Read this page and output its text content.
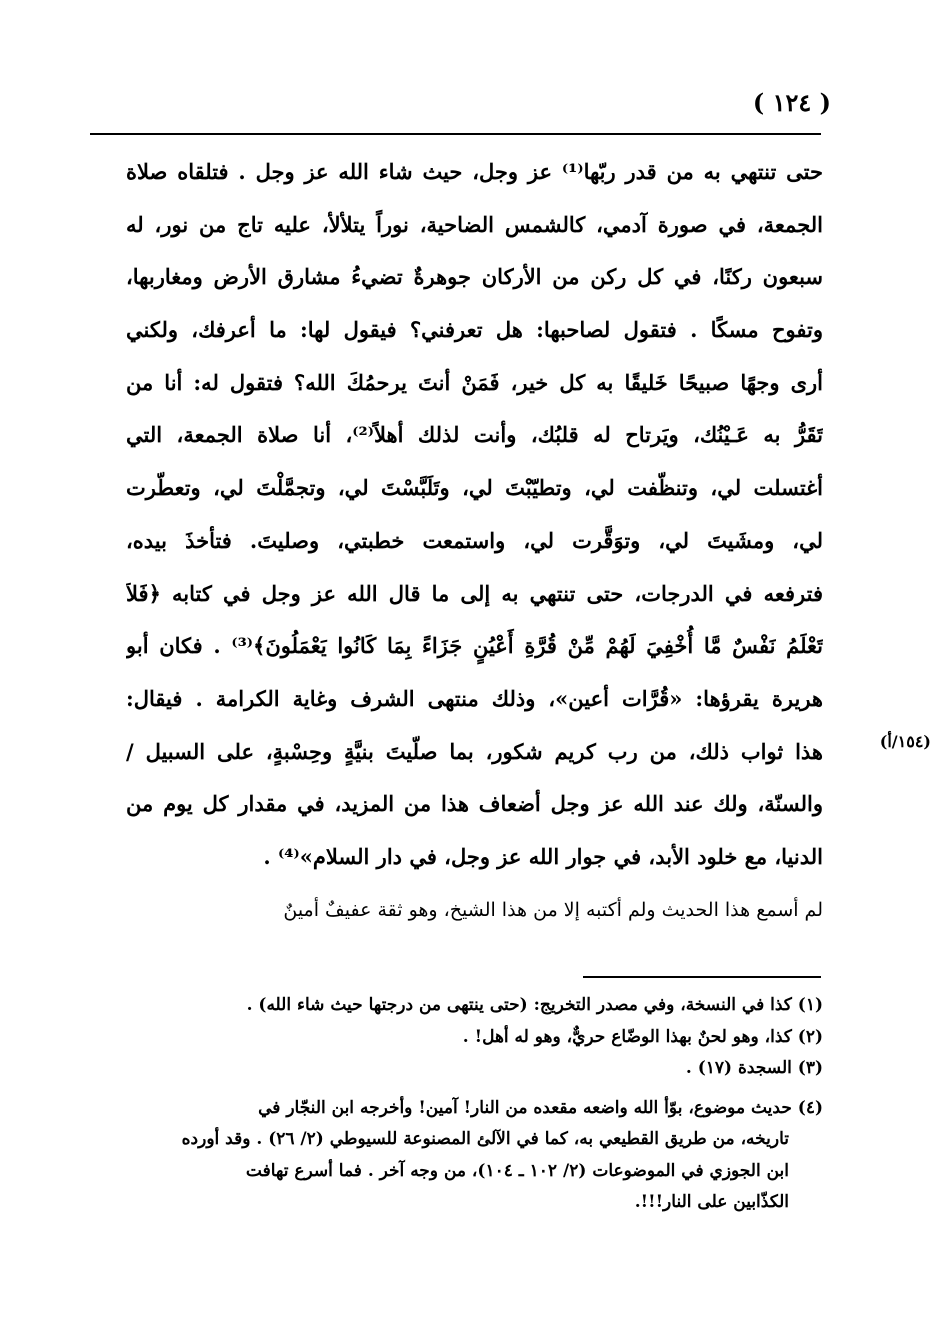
( ١٢٤ )
حتى تنتهي به من قدر ربّها⁽¹⁾ عز وجل، حيث شاء الله عز وجل . فتلقاه صلاة
الجمعة، في صورة آدمي، كالشمس الضاحية، نوراً يتلألأ، عليه تاج من نور، له
سبعون ركنًا، في كل ركن من الأركان جوهرةٌ تضيءُ مشارق الأرض ومغاربها،
وتفوح مسكًا . فتقول لصاحبها: هل تعرفني؟ فيقول لها: ما أعرفك، ولكني
أرى وجهًا صبيحًا خَليقًا به كل خير، فَمَنْ أنتَ يرحمُكَ الله؟ فتقول له: أنا من
تَقَرُّ به عَـيْنُك، ويَرتاح له قلبُك، وأنت لذلك أهلاً⁽²⁾، أنا صلاة الجمعة، التي
أغتسلت لي، وتنظّفت لي، وتطيّبْتَ لي، وتَلَبَّسْتَ لي، وتجمَّلْتَ لي، وتعطّرت
لي، ومشَيتَ لي، وتوَقَّرت لي، واستمعت خطبتي، وصليتَ. فتأخذَ بيده،
فترفعه في الدرجات، حتى تنتهي به إلى ما قال الله عز وجل في كتابه ﴿فَلاَ
تَعْلَمُ نَفْسٌ مَّا أُخْفِيَ لَهُمْ مِّنْ قُرَّةِ أَعْيُنٍ جَزَاءً بِمَا كَانُوا يَعْمَلُونَ﴾⁽³⁾ . فكان أبو
هريرة يقرؤها: «قُرَّات أعين»، وذلك منتهى الشرف وغاية الكرامة . فيقال:
هذا ثواب ذلك، من رب كريم شكور، بما صلّيتَ بنيَّةٍ وحِسْبةٍ، على السبيل /
والسنّة، ولك عند الله عز وجل أضعاف هذا من المزيد، في مقدار كل يوم من
الدنيا، مع خلود الأبد، في جوار الله عز وجل، في دار السلام»⁽⁴⁾ .
(١٥٤/أ)
لم أسمع هذا الحديث ولم أكتبه إلا من هذا الشيخ، وهو ثقة عفيفٌ أمينٌ
(١) كذا في النسخة، وفي مصدر التخريج: (حتى ينتهى من درجتها حيث شاء الله) .
(٢) كذا، وهو لحنٌ بهذا الوضّاع حريٌّ، وهو له أهل! .
(٣) السجدة (١٧) .
(٤) حديث موضوع، بوّأ الله واضعه مقعده من النار! آمين! وأخرجه ابن النجّار في
تاريخه، من طريق القطيعي به، كما في الآلئ المصنوعة للسيوطي (٢/ ٢٦) . وقد أورده
ابن الجوزي في الموضوعات (٢/ ١٠٢ ـ ١٠٤)، من وجه آخر . فما أسرع تهافت
الكذّابين على النار!!!.
